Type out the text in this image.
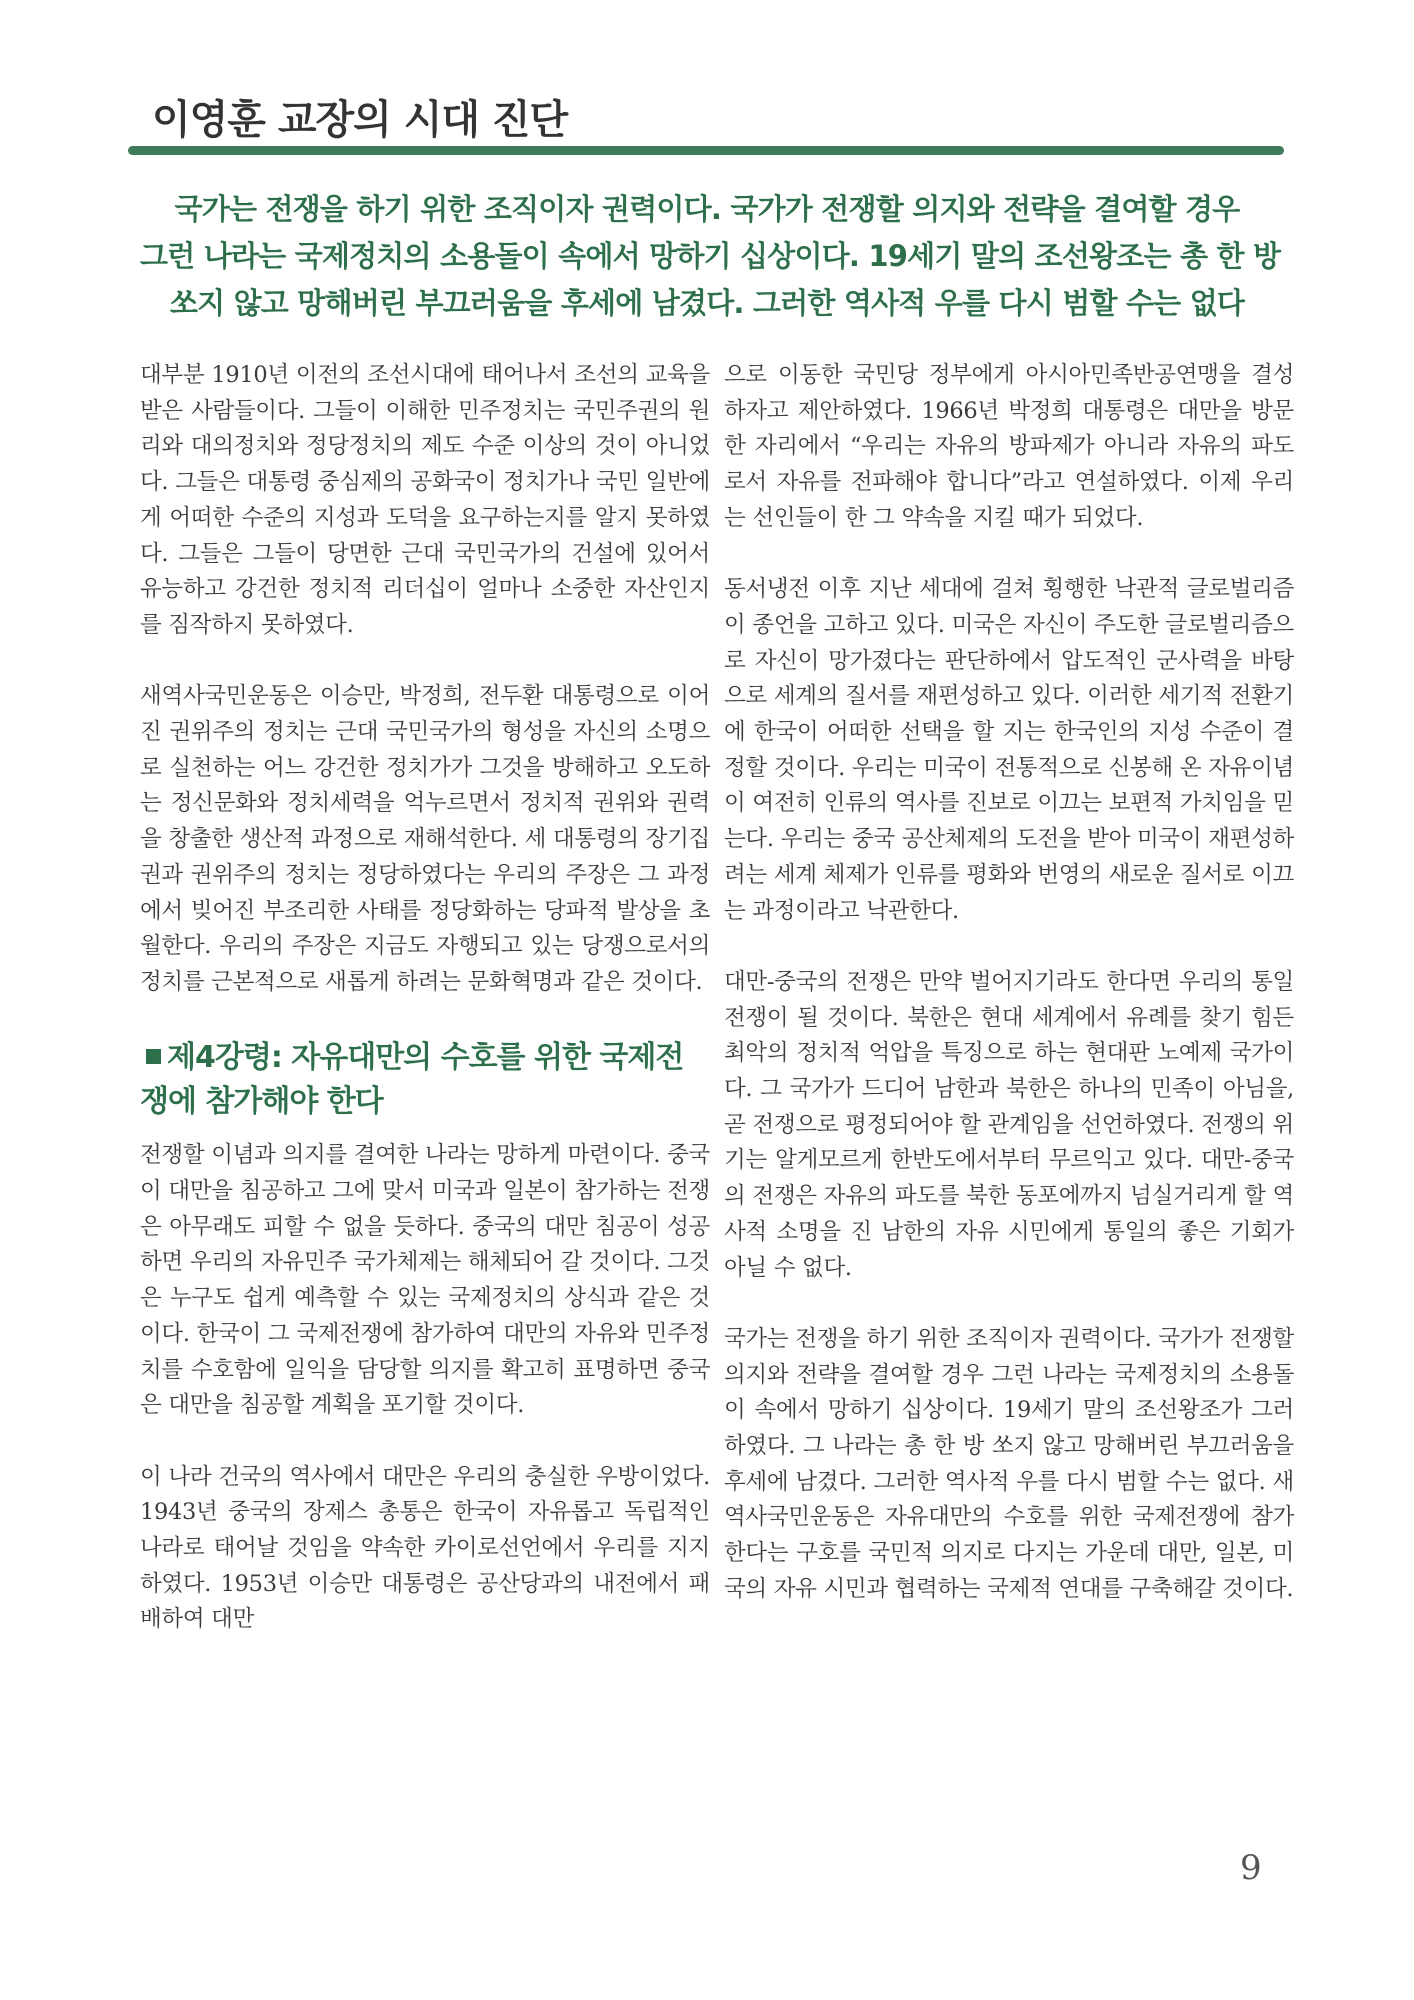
이영훈 교장의 시대 진단
국가는 전쟁을 하기 위한 조직이자 권력이다. 국가가 전쟁할 의지와 전략을 결여할 경우
그런 나라는 국제정치의 소용돌이 속에서 망하기 십상이다. 19세기 말의 조선왕조는 총 한 방
쏘지 않고 망해버린 부끄러움을 후세에 남겼다. 그러한 역사적 우를 다시 범할 수는 없다

대부분 1910년 이전의 조선시대에 태어나서 조선의 교육을 받은 사람들이다. 그들이 이해한 민주정치는 국민주권의 원리와 대의정치와 정당정치의 제도 수준 이상의 것이 아니었다. 그들은 대통령 중심제의 공화국이 정치가나 국민 일반에게 어떠한 수준의 지성과 도덕을 요구하는지를 알지 못하였다. 그들은 그들이 당면한 근대 국민국가의 건설에 있어서 유능하고 강건한 정치적 리더십이 얼마나 소중한 자산인지를 짐작하지 못하였다.

새역사국민운동은 이승만, 박정희, 전두환 대통령으로 이어진 권위주의 정치는 근대 국민국가의 형성을 자신의 소명으로 실천하는 어느 강건한 정치가가 그것을 방해하고 오도하는 정신문화와 정치세력을 억누르면서 정치적 권위와 권력을 창출한 생산적 과정으로 재해석한다. 세 대통령의 장기집권과 권위주의 정치는 정당하였다는 우리의 주장은 그 과정에서 빚어진 부조리한 사태를 정당화하는 당파적 발상을 초월한다. 우리의 주장은 지금도 자행되고 있는 당쟁으로서의 정치를 근본적으로 새롭게 하려는 문화혁명과 같은 것이다.

제4강령: 자유대만의 수호를 위한 국제전쟁에 참가해야 한다

전쟁할 이념과 의지를 결여한 나라는 망하게 마련이다. 중국이 대만을 침공하고 그에 맞서 미국과 일본이 참가하는 전쟁은 아무래도 피할 수 없을 듯하다. 중국의 대만 침공이 성공하면 우리의 자유민주 국가체제는 해체되어 갈 것이다. 그것은 누구도 쉽게 예측할 수 있는 국제정치의 상식과 같은 것이다. 한국이 그 국제전쟁에 참가하여 대만의 자유와 민주정치를 수호함에 일익을 담당할 의지를 확고히 표명하면 중국은 대만을 침공할 계획을 포기할 것이다.

이 나라 건국의 역사에서 대만은 우리의 충실한 우방이었다. 1943년 중국의 장제스 총통은 한국이 자유롭고 독립적인 나라로 태어날 것임을 약속한 카이로선언에서 우리를 지지하였다. 1953년 이승만 대통령은 공산당과의 내전에서 패배하여 대만

으로 이동한 국민당 정부에게 아시아민족반공연맹을 결성하자고 제안하였다. 1966년 박정희 대통령은 대만을 방문한 자리에서 “우리는 자유의 방파제가 아니라 자유의 파도로서 자유를 전파해야 합니다”라고 연설하였다. 이제 우리는 선인들이 한 그 약속을 지킬 때가 되었다.

동서냉전 이후 지난 세대에 걸쳐 횡행한 낙관적 글로벌리즘이 종언을 고하고 있다. 미국은 자신이 주도한 글로벌리즘으로 자신이 망가졌다는 판단하에서 압도적인 군사력을 바탕으로 세계의 질서를 재편성하고 있다. 이러한 세기적 전환기에 한국이 어떠한 선택을 할 지는 한국인의 지성 수준이 결정할 것이다. 우리는 미국이 전통적으로 신봉해 온 자유이념이 여전히 인류의 역사를 진보로 이끄는 보편적 가치임을 믿는다. 우리는 중국 공산체제의 도전을 받아 미국이 재편성하려는 세계 체제가 인류를 평화와 번영의 새로운 질서로 이끄는 과정이라고 낙관한다.

대만-중국의 전쟁은 만약 벌어지기라도 한다면 우리의 통일전쟁이 될 것이다. 북한은 현대 세계에서 유례를 찾기 힘든 최악의 정치적 억압을 특징으로 하는 현대판 노예제 국가이다. 그 국가가 드디어 남한과 북한은 하나의 민족이 아님을, 곧 전쟁으로 평정되어야 할 관계임을 선언하였다. 전쟁의 위기는 알게모르게 한반도에서부터 무르익고 있다. 대만-중국의 전쟁은 자유의 파도를 북한 동포에까지 넘실거리게 할 역사적 소명을 진 남한의 자유 시민에게 통일의 좋은 기회가 아닐 수 없다.

국가는 전쟁을 하기 위한 조직이자 권력이다. 국가가 전쟁할 의지와 전략을 결여할 경우 그런 나라는 국제정치의 소용돌이 속에서 망하기 십상이다. 19세기 말의 조선왕조가 그러하였다. 그 나라는 총 한 방 쏘지 않고 망해버린 부끄러움을 후세에 남겼다. 그러한 역사적 우를 다시 범할 수는 없다. 새역사국민운동은 자유대만의 수호를 위한 국제전쟁에 참가한다는 구호를 국민적 의지로 다지는 가운데 대만, 일본, 미국의 자유 시민과 협력하는 국제적 연대를 구축해갈 것이다.

9
